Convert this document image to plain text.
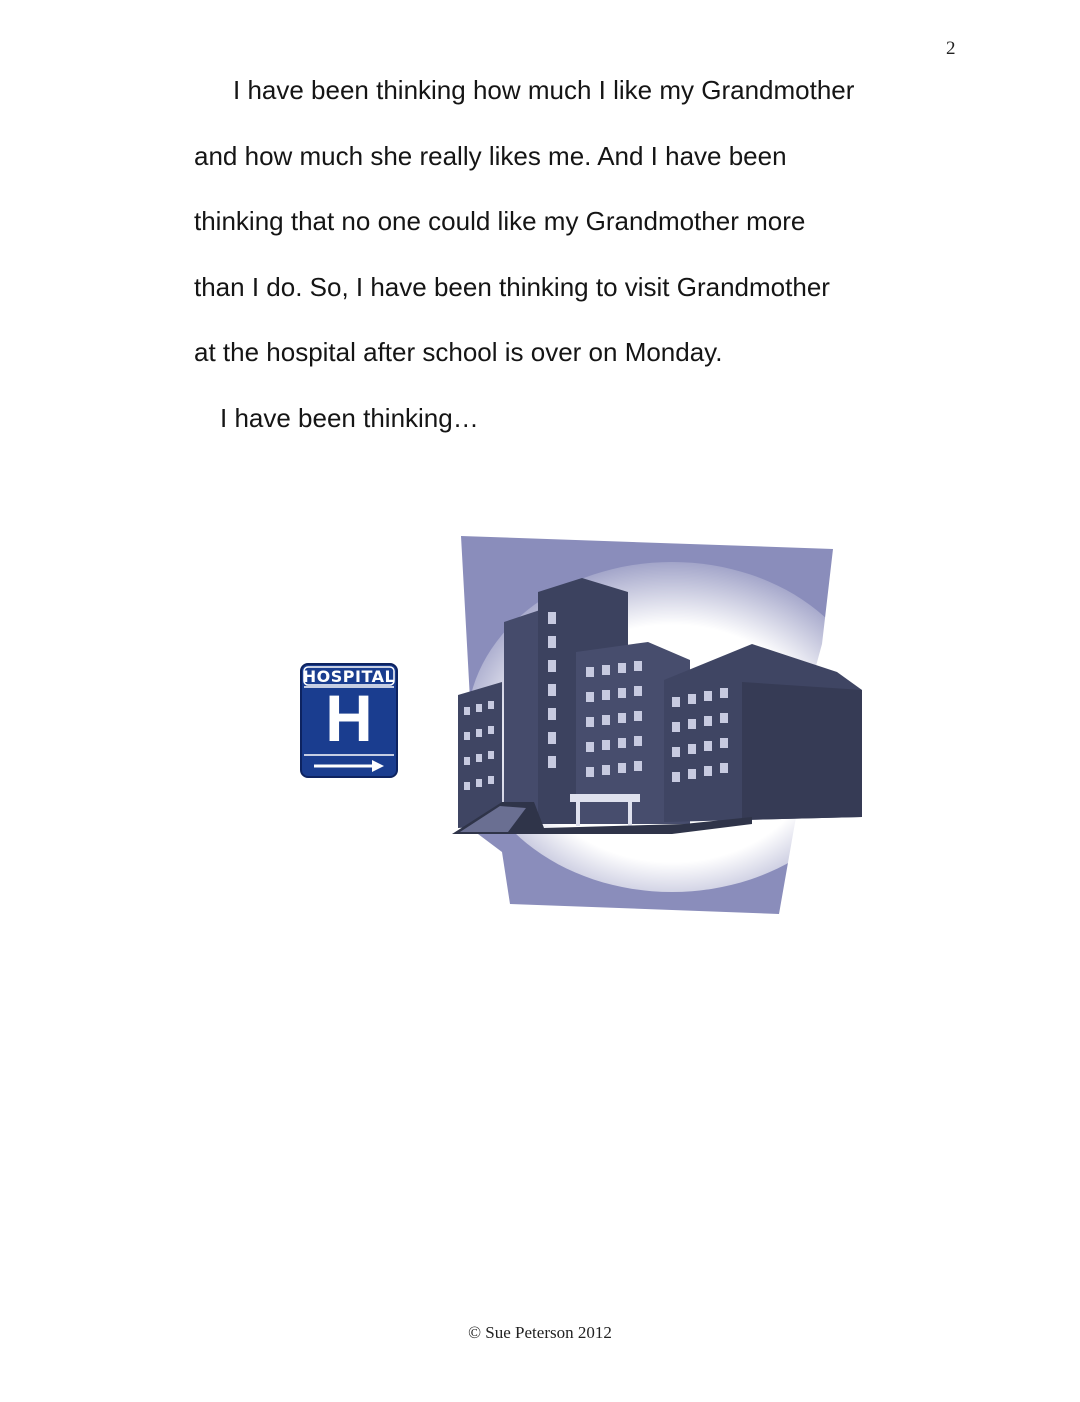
2
I have been thinking how much I like my Grandmother
and how much she really likes me. And I have been
thinking that no one could like my Grandmother more
than I do. So, I have been thinking to visit Grandmother
at the hospital after school is over on Monday.
I have been thinking…
HOSPITAL
H
© Sue Peterson 2012
